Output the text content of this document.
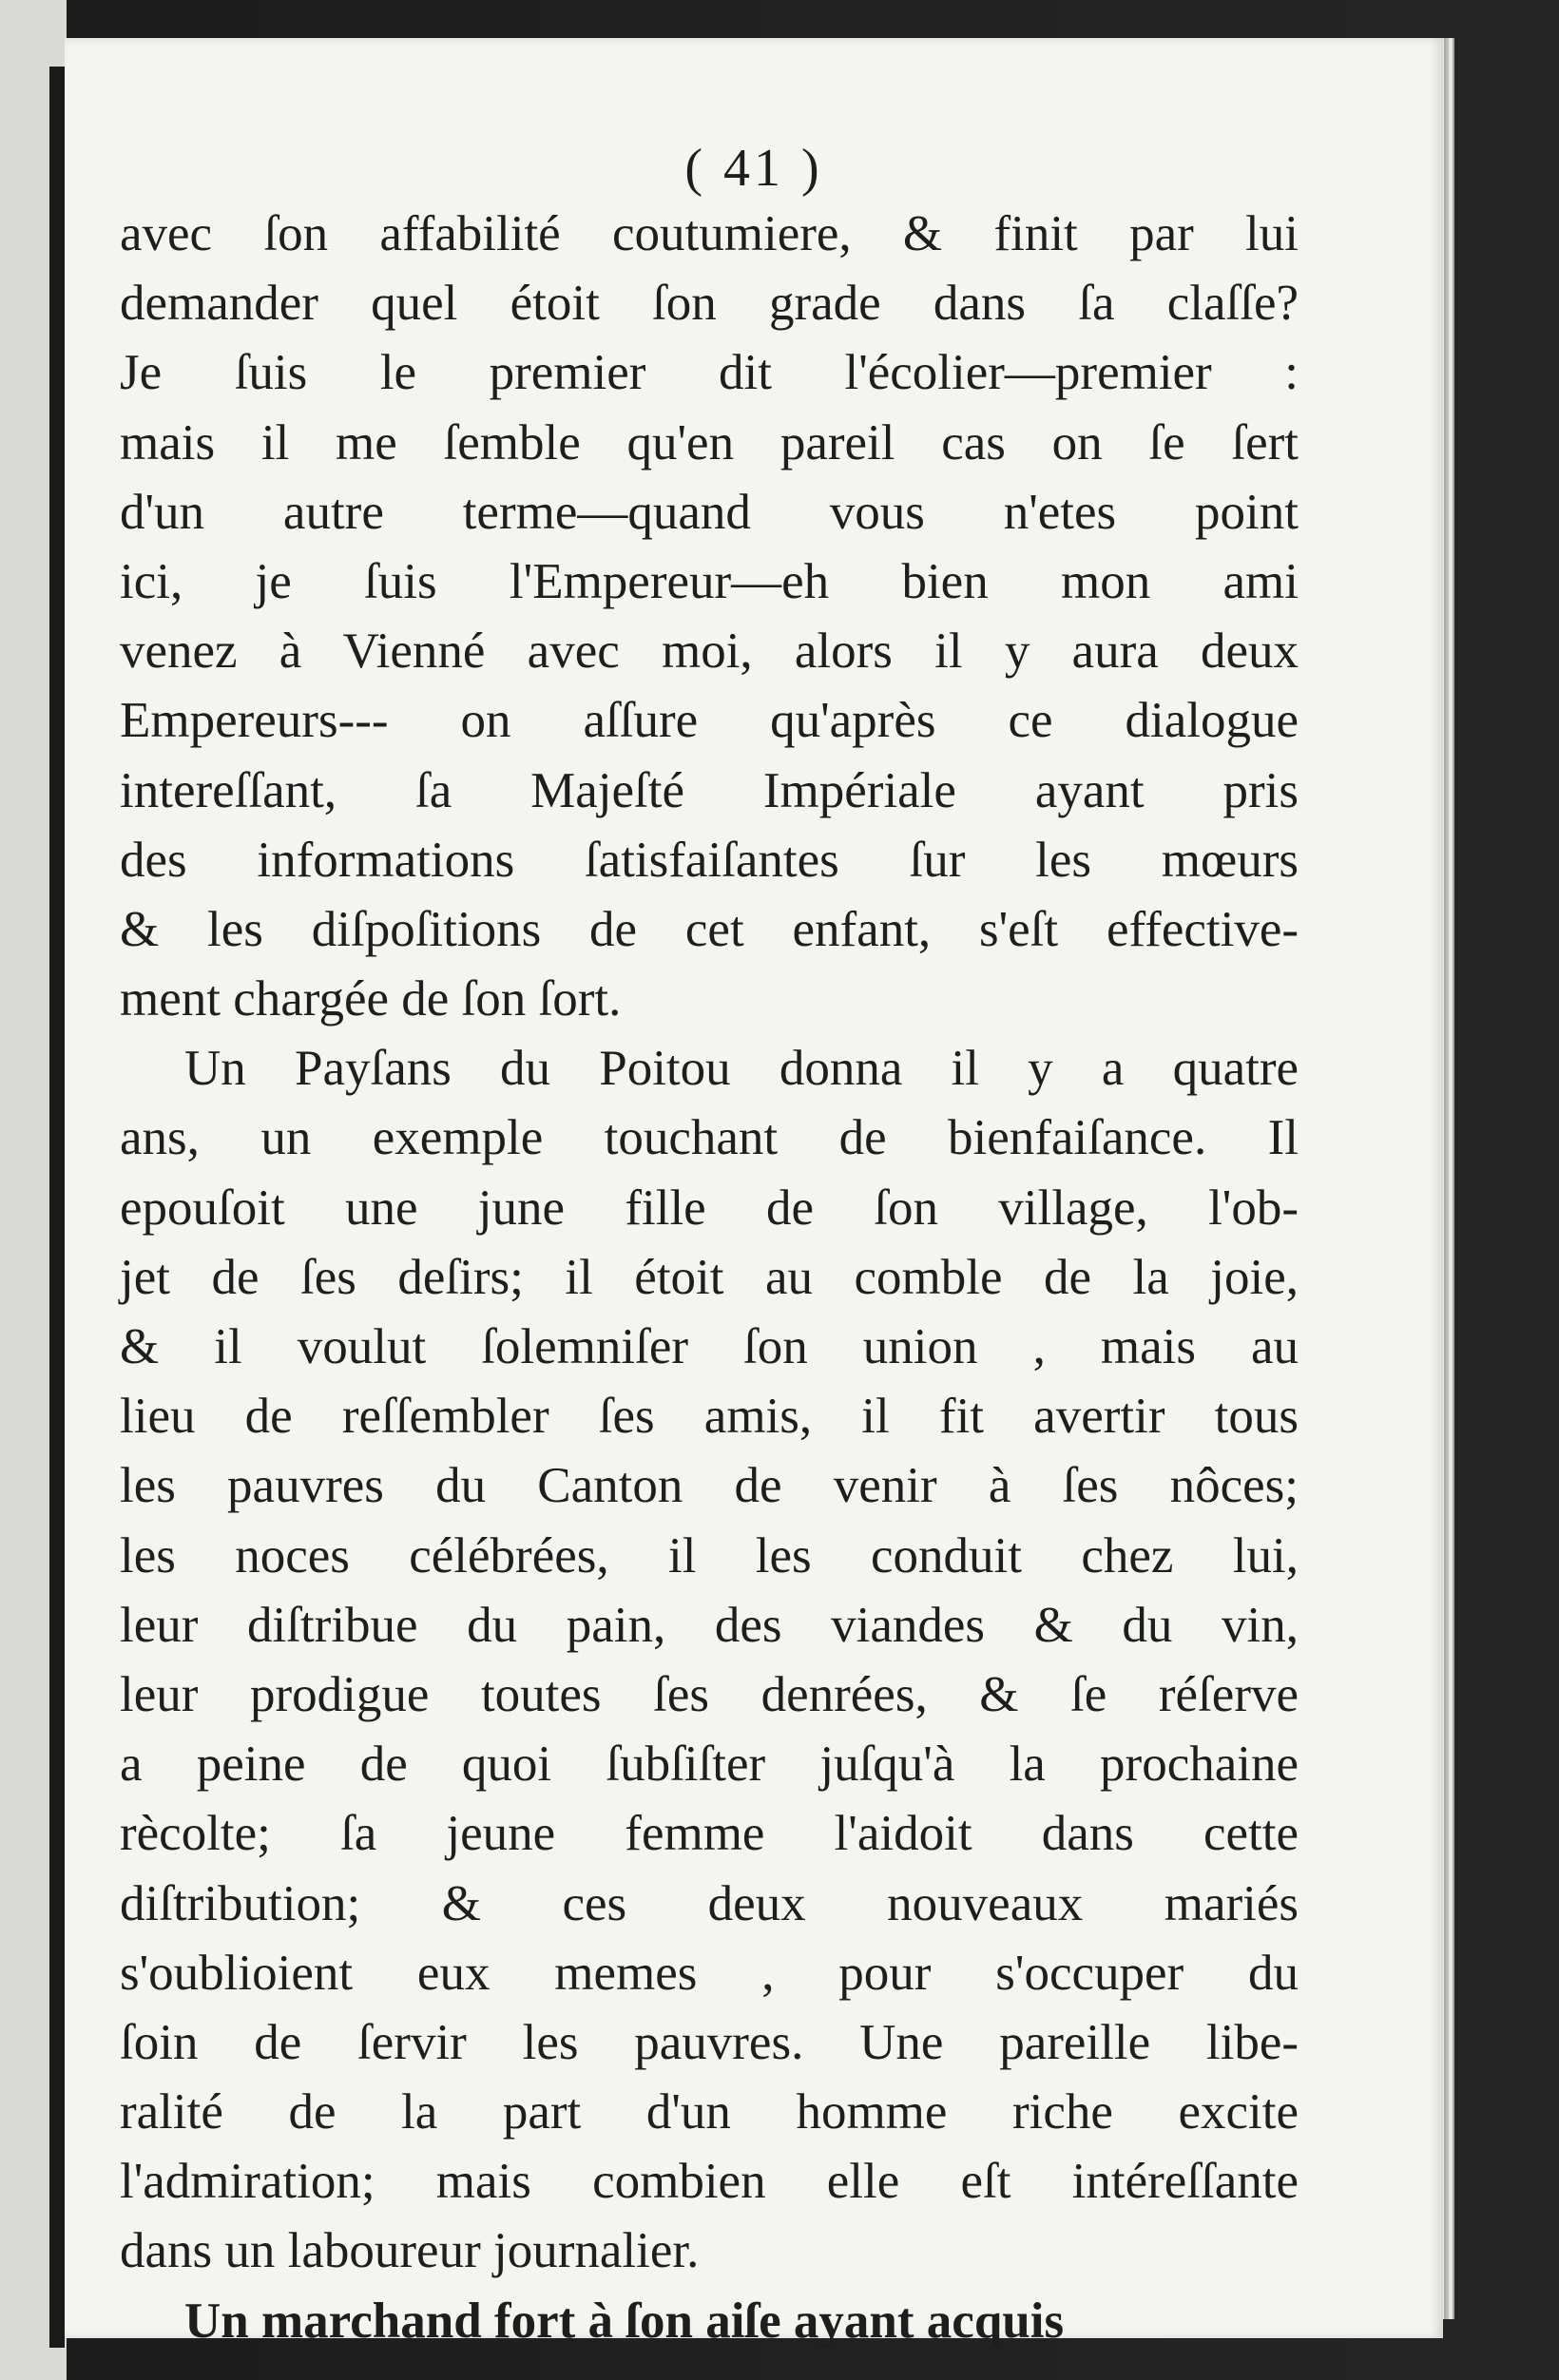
( 41 )
avec ſon affabilité coutumiere, & finit par lui
demander quel étoit ſon grade dans ſa claſſe?
Je ſuis le premier dit l'écolier—premier :
mais il me ſemble qu'en pareil cas on ſe ſert
d'un autre terme—quand vous n'etes point
ici, je ſuis l'Empereur—eh bien mon ami
venez à Vienné avec moi, alors il y aura deux
Empereurs--- on aſſure qu'après ce dialogue
intereſſant, ſa Majeſté Impériale ayant pris
des informations ſatisfaiſantes ſur les mœurs
& les diſpoſitions de cet enfant, s'eſt effective-
ment chargée de ſon ſort.
Un Payſans du Poitou donna il y a quatre
ans, un exemple touchant de bienfaiſance. Il
epouſoit une june fille de ſon village, l'ob-
jet de ſes deſirs; il étoit au comble de la joie,
& il voulut ſolemniſer ſon union , mais au
lieu de reſſembler ſes amis, il fit avertir tous
les pauvres du Canton de venir à ſes nôces;
les noces célébrées, il les conduit chez lui,
leur diſtribue du pain, des viandes & du vin,
leur prodigue toutes ſes denrées, & ſe réſerve
a peine de quoi ſubſiſter juſqu'à la prochaine
rècolte; ſa jeune femme l'aidoit dans cette
diſtribution; & ces deux nouveaux mariés
s'oublioient eux memes , pour s'occuper du
ſoin de ſervir les pauvres. Une pareille libe-
ralité de la part d'un homme riche excite
l'admiration; mais combien elle eſt intéreſſante
dans un laboureur journalier.
Un marchand fort à ſon aiſe ayant acquis
